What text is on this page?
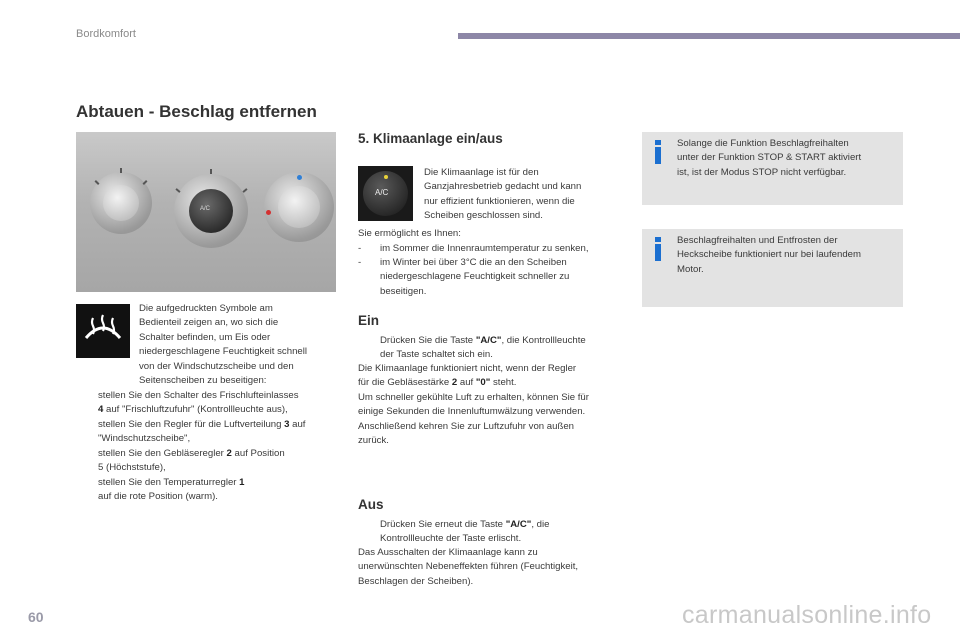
Bordkomfort
Abtauen - Beschlag entfernen
A/C
Die aufgedruckten Symbole am
Bedienteil zeigen an, wo sich die
Schalter befinden, um Eis oder
niedergeschlagene Feuchtigkeit schnell
von der Windschutzscheibe und den
Seitenscheiben zu beseitigen:
stellen Sie den Schalter des Frischlufteinlasses
4 auf "Frischluftzufuhr" (Kontrollleuchte aus),
stellen Sie den Regler für die Luftverteilung 3 auf
"Windschutzscheibe",
stellen Sie den Gebläseregler 2 auf Position
5 (Höchststufe),
stellen Sie den Temperaturregler 1
auf die rote Position (warm).
5. Klimaanlage ein/aus
A/C
Die Klimaanlage ist für den
Ganzjahresbetrieb gedacht und kann
nur effizient funktionieren, wenn die
Scheiben geschlossen sind.
Sie ermöglicht es Ihnen:
- im Sommer die Innenraumtemperatur zu senken,
- im Winter bei über 3°C die an den Scheiben
niedergeschlagene Feuchtigkeit schneller zu
beseitigen.
Ein
Drücken Sie die Taste "A/C", die Kontrollleuchte
der Taste schaltet sich ein.
Die Klimaanlage funktioniert nicht, wenn der Regler
für die Gebläsestärke 2 auf "0" steht.
Um schneller gekühlte Luft zu erhalten, können Sie für
einige Sekunden die Innenluftumwälzung verwenden.
Anschließend kehren Sie zur Luftzufuhr von außen
zurück.
Aus
Drücken Sie erneut die Taste "A/C", die
Kontrollleuchte der Taste erlischt.
Das Ausschalten der Klimaanlage kann zu
unerwünschten Nebeneffekten führen (Feuchtigkeit,
Beschlagen der Scheiben).
Solange die Funktion Beschlagfreihalten
unter der Funktion STOP & START aktiviert
ist, ist der Modus STOP nicht verfügbar.
Beschlagfreihalten und Entfrosten der
Heckscheibe funktioniert nur bei laufendem
Motor.
60	carmanualsonline.info
